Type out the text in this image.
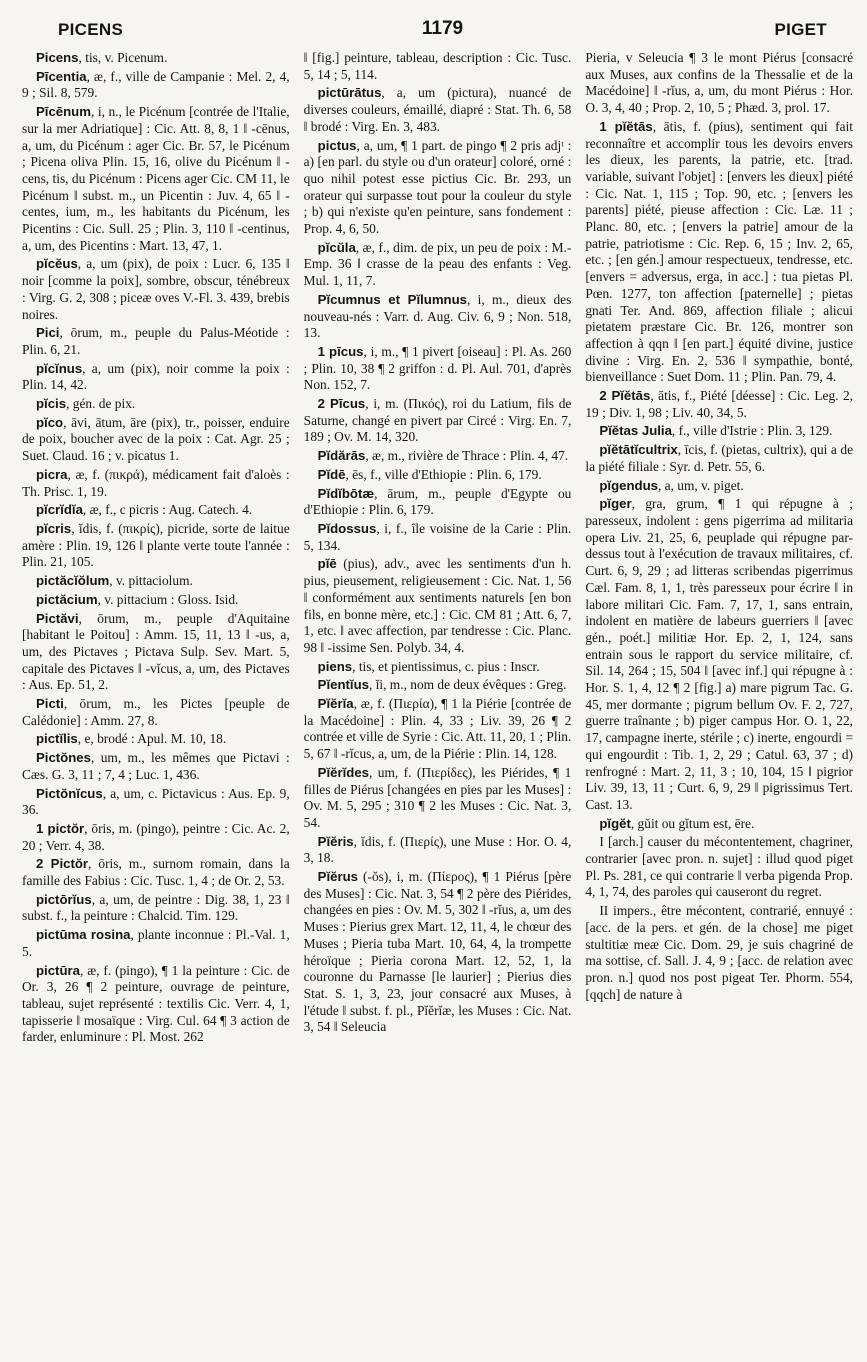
PICENS	1179	PIGET

Picens, tis, v. Picenum.

Pīcentia, æ, f., ville de Campanie : Mel. 2, 4, 9 ; Sil. 8, 579.

Pīcēnum, i, n., le Picénum [contrée de l'Italie, sur la mer Adriatique] : Cic. Att. 8, 8, 1 ‖ -cēnus, a, um, du Picénum : ager Cic. Br. 57, le Picénum ; Picena oliva Plin. 15, 16, olive du Picénum ‖ -cens, tis, du Picénum : Picens ager Cic. CM 11, le Picénum ‖ subst. m., un Picentin : Juv. 4, 65 ‖ -centes, ium, m., les habitants du Picénum, les Picentins : Cic. Sull. 25 ; Plin. 3, 110 ‖ -centinus, a, um, des Picentins : Mart. 13, 47, 1.

pĭcĕus, a, um (pix), de poix : Lucr. 6, 135 ‖ noir [comme la poix], sombre, obscur, ténébreux : Virg. G. 2, 308 ; piceæ oves V.-Fl. 3. 439, brebis noires.

Pici, ōrum, m., peuple du Palus-Méotide : Plin. 6, 21.

pĭcĭnus, a, um (pix), noir comme la poix : Plin. 14, 42.

pĭcis, gén. de pix.

pĭco, āvi, ātum, āre (pix), tr., poisser, enduire de poix, boucher avec de la poix : Cat. Agr. 25 ; Suet. Claud. 16 ; v. picatus 1.

picra, æ, f. (πικρά), médicament fait d'aloès : Th. Prisc. 1, 19.

pĭcrĭdĭa, æ, f., c picris : Aug. Catech. 4.

pĭcris, ĭdis, f. (πικρίς), picride, sorte de laitue amère : Plin. 19, 126 ‖ plante verte toute l'année : Plin. 21, 105.

pictăcĭŏlum, v. pittaciolum.

pictăcium, v. pittacium : Gloss. Isid.

Pictăvi, ōrum, m., peuple d'Aquitaine [habitant le Poitou] : Amm. 15, 11, 13 ‖ -us, a, um, des Pictaves ; Pictava Sulp. Sev. Mart. 5, capitale des Pictaves ‖ -vĭcus, a, um, des Pictaves : Aus. Ep. 51, 2.

Picti, ōrum, m., les Pictes [peuple de Calédonie] : Amm. 27, 8.

pictĭlis, e, brodé : Apul. M. 10, 18.

Pictŏnes, um, m., les mêmes que Pictavi : Cæs. G. 3, 11 ; 7, 4 ; Luc. 1, 436.

Pictŏnĭcus, a, um, c. Pictavicus : Aus. Ep. 9, 36.

1 pictŏr, ōris, m. (pingo), peintre : Cic. Ac. 2, 20 ; Verr. 4, 38.

2 Pictŏr, ōris, m., surnom romain, dans la famille des Fabius : Cic. Tusc. 1, 4 ; de Or. 2, 53.

pictōrĭus, a, um, de peintre : Dig. 38, 1, 23 ‖ subst. f., la peinture : Chalcid. Tim. 129.

pictūma rosina, plante inconnue : Pl.-Val. 1, 5.

pictūra, æ, f. (pingo), ¶ 1 la peinture : Cic. de Or. 3, 26 ¶ 2 peinture, ouvrage de peinture, tableau, sujet représenté : textilis Cic. Verr. 4, 1, tapisserie ‖ mosaïque : Virg. Cul. 64 ¶ 3 action de farder, enluminure : Pl. Most. 262

‖ [fig.] peinture, tableau, description : Cic. Tusc. 5, 14 ; 5, 114.

pictūrātus, a, um (pictura), nuancé de diverses couleurs, émaillé, diapré : Stat. Th. 6, 58 ‖ brodé : Virg. En. 3, 483.

pictus, a, um, ¶ 1 part. de pingo ¶ 2 pris adjᵗ : a) [en parl. du style ou d'un orateur] coloré, orné : quo nihil potest esse pictius Cic. Br. 293, un orateur qui surpasse tout pour la couleur du style ; b) qui n'existe qu'en peinture, sans fondement : Prop. 4, 6, 50.

pĭcŭla, æ, f., dim. de pix, un peu de poix : M.-Emp. 36 ‖ crasse de la peau des enfants : Veg. Mul. 1, 11, 7.

Pĭcumnus et Pĭlumnus, i, m., dieux des nouveau-nés : Varr. d. Aug. Civ. 6, 9 ; Non. 518, 13.

1 pīcus, i, m., ¶ 1 pivert [oiseau] : Pl. As. 260 ; Plin. 10, 38 ¶ 2 griffon : d. Pl. Aul. 701, d'après Non. 152, 7.

2 Pīcus, i, m. (Πικός), roi du Latium, fils de Saturne, changé en pivert par Circé : Virg. En. 7, 189 ; Ov. M. 14, 320.

Pĭdărās, æ, m., rivière de Thrace : Plin. 4, 47.

Pĭdē, ēs, f., ville d'Ethiopie : Plin. 6, 179.

Pĭdĭbōtæ, ārum, m., peuple d'Egypte ou d'Ethiopie : Plin. 6, 179.

Pĭdossus, i, f., île voisine de la Carie : Plin. 5, 134.

pĭē (pius), adv., avec les sentiments d'un h. pius, pieusement, religieusement : Cic. Nat. 1, 56 ‖ conformément aux sentiments naturels [en bon fils, en bonne mère, etc.] : Cic. CM 81 ; Att. 6, 7, 1, etc. ‖ avec affection, par tendresse : Cic. Planc. 98 ‖ -issime Sen. Polyb. 34, 4.

piens, tis, et pientissimus, c. pius : Inscr.

Pĭentĭus, ĭi, m., nom de deux évêques : Greg.

Pĭĕrĭa, æ, f. (Πιερία), ¶ 1 la Piérie [contrée de la Macédoine] : Plin. 4, 33 ; Liv. 39, 26 ¶ 2 contrée et ville de Syrie : Cic. Att. 11, 20, 1 ; Plin. 5, 67 ‖ -rĭcus, a, um, de la Piérie : Plin. 14, 128.

Pĭĕrĭdes, um, f. (Πιερίδες), les Piérides, ¶ 1 filles de Piérus [changées en pies par les Muses] : Ov. M. 5, 295 ; 310 ¶ 2 les Muses : Cic. Nat. 3, 54.

Pĭĕris, ĭdis, f. (Πιερίς), une Muse : Hor. O. 4, 3, 18.

Pĭĕrus (-ŏs), i, m. (Πίερος), ¶ 1 Piérus [père des Muses] : Cic. Nat. 3, 54 ¶ 2 père des Piérides, changées en pies : Ov. M. 5, 302 ‖ -rĭus, a, um des Muses : Pierius grex Mart. 12, 11, 4, le chœur des Muses ; Pieria tuba Mart. 10, 64, 4, la trompette héroïque ; Pieria corona Mart. 12, 52, 1, la couronne du Parnasse [le laurier] ; Pierius dies Stat. S. 1, 3, 23, jour consacré aux Muses, à l'étude ‖ subst. f. pl., Pĭĕrĭæ, les Muses : Cic. Nat. 3, 54 ‖ Seleucia

Pieria, v Seleucia ¶ 3 le mont Piérus [consacré aux Muses, aux confins de la Thessalie et de la Macédoine] ‖ -rĭus, a, um, du mont Piérus : Hor. O. 3, 4, 40 ; Prop. 2, 10, 5 ; Phæd. 3, prol. 17.

1 pĭĕtās, ātis, f. (pius), sentiment qui fait reconnaître et accomplir tous les devoirs envers les dieux, les parents, la patrie, etc. [trad. variable, suivant l'objet] : [envers les dieux] piété : Cic. Nat. 1, 115 ; Top. 90, etc. ; [envers les parents] piété, pieuse affection : Cic. Læ. 11 ; Planc. 80, etc. ; [envers la patrie] amour de la patrie, patriotisme : Cic. Rep. 6, 15 ; Inv. 2, 65, etc. ; [en gén.] amour respectueux, tendresse, etc. [envers = adversus, erga, in acc.] : tua pietas Pl. Pœn. 1277, ton affection [paternelle] ; pietas gnati Ter. And. 869, affection filiale ; alicui pietatem præstare Cic. Br. 126, montrer son affection à qqn ‖ [en part.] équité divine, justice divine : Virg. En. 2, 536 ‖ sympathie, bonté, bienveillance : Suet Dom. 11 ; Plin. Pan. 79, 4.

2 Pĭĕtās, ātis, f., Piété [déesse] : Cic. Leg. 2, 19 ; Div. 1, 98 ; Liv. 40, 34, 5.

Pĭĕtas Julia, f., ville d'Istrie : Plin. 3, 129.

pĭĕtātĭcultrix, īcis, f. (pietas, cultrix), qui a de la piété filiale : Syr. d. Petr. 55, 6.

pĭgendus, a, um, v. piget.

pĭger, gra, grum, ¶ 1 qui répugne à ; paresseux, indolent : gens pigerrima ad militaria opera Liv. 21, 25, 6, peuplade qui répugne par-dessus tout à l'exécution de travaux militaires, cf. Curt. 6, 9, 29 ; ad litteras scribendas pigerrimus Cæl. Fam. 8, 1, 1, très paresseux pour écrire ‖ in labore militari Cic. Fam. 7, 17, 1, sans entrain, indolent en matière de labeurs guerriers ‖ [avec gén., poét.] militiæ Hor. Ep. 2, 1, 124, sans entrain sous le rapport du service militaire, cf. Sil. 14, 264 ; 15, 504 ‖ [avec inf.] qui répugne à : Hor. S. 1, 4, 12 ¶ 2 [fig.] a) mare pigrum Tac. G. 45, mer dormante ; pigrum bellum Ov. F. 2, 727, guerre traînante ; b) piger campus Hor. O. 1, 22, 17, campagne inerte, stérile ; c) inerte, engourdi = qui engourdit : Tib. 1, 2, 29 ; Catul. 63, 37 ; d) renfrogné : Mart. 2, 11, 3 ; 10, 104, 15 ‖ pigrior Liv. 39, 13, 11 ; Curt. 6, 9, 29 ‖ pigrissimus Tert. Cast. 13.

pĭgĕt, gŭit ou gĭtum est, ēre.

I [arch.] causer du mécontentement, chagriner, contrarier [avec pron. n. sujet] : illud quod piget Pl. Ps. 281, ce qui contrarie ‖ verba pigenda Prop. 4, 1, 74, des paroles qui causeront du regret.

II impers., être mécontent, contrarié, ennuyé : [acc. de la pers. et gén. de la chose] me piget stultitiæ meæ Cic. Dom. 29, je suis chagriné de ma sottise, cf. Sall. J. 4, 9 ; [acc. de relation avec pron. n.] quod nos post pigeat Ter. Phorm. 554, [qqch] de nature à
